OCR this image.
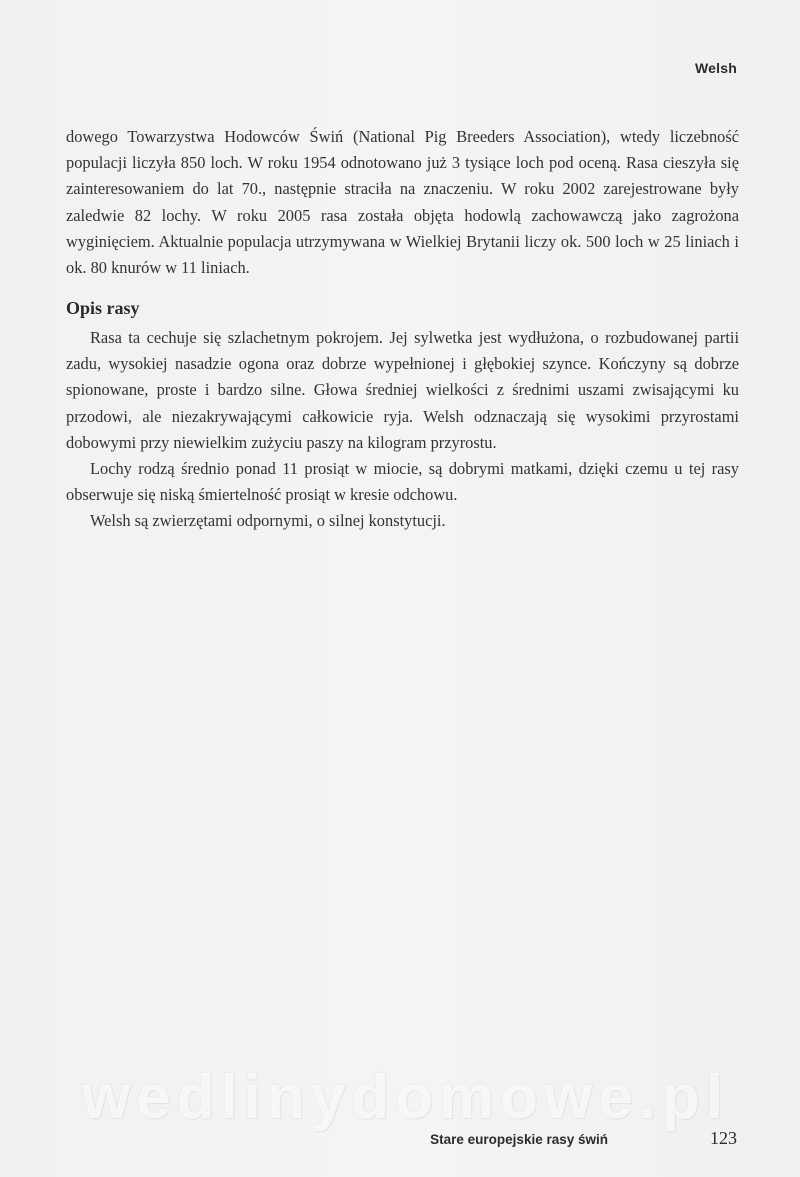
Welsh

dowego Towarzystwa Hodowców Świń (National Pig Breeders Association), wtedy liczebność populacji liczyła 850 loch. W roku 1954 odnotowano już 3 tysiące loch pod oceną. Rasa cieszyła się zainteresowaniem do lat 70., następnie straciła na znaczeniu. W roku 2002 zarejestrowane były zaledwie 82 lochy. W roku 2005 rasa została objęta hodowlą zachowawczą jako zagrożona wyginięciem. Aktualnie populacja utrzymywana w Wielkiej Brytanii liczy ok. 500 loch w 25 liniach i ok. 80 knurów w 11 liniach.

Opis rasy

Rasa ta cechuje się szlachetnym pokrojem. Jej sylwetka jest wydłużona, o rozbudowanej partii zadu, wysokiej nasadzie ogona oraz dobrze wypełnionej i głębokiej szynce. Kończyny są dobrze spionowane, proste i bardzo silne. Głowa średniej wielkości z średnimi uszami zwisającymi ku przodowi, ale niezakrywającymi całkowicie ryja. Welsh odznaczają się wysokimi przyrostami dobowymi przy niewielkim zużyciu paszy na kilogram przyrostu.

Lochy rodzą średnio ponad 11 prosiąt w miocie, są dobrymi matkami, dzięki czemu u tej rasy obserwuje się niską śmiertelność prosiąt w kresie odchowu.

Welsh są zwierzętami odpornymi, o silnej konstytucji.

wedlinydomowe.pl
Stare europejskie rasy świń	123
